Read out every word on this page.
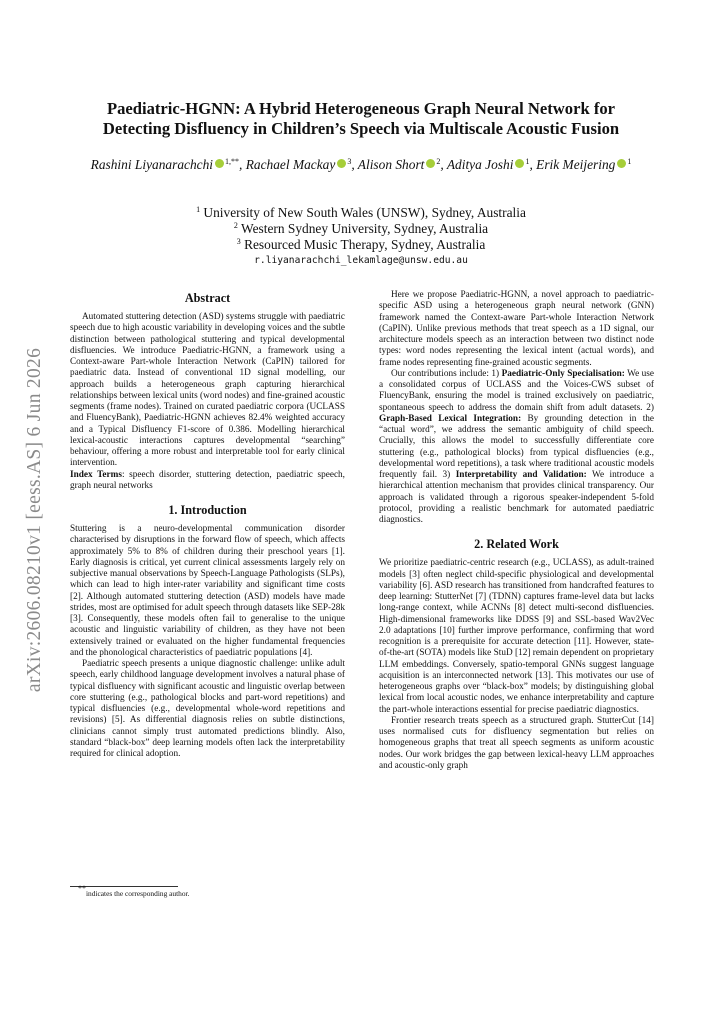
arXiv:2606.08210v1 [eess.AS] 6 Jun 2026
Paediatric-HGNN: A Hybrid Heterogeneous Graph Neural Network for
Detecting Disfluency in Children’s Speech via Multiscale Acoustic Fusion
Rashini Liyanarachchi $^{1,**}$, Rachael Mackay $^3$, Alison Short $^2$, Aditya Joshi $^1$, Erik Meijering $^1$
$^1$ University of New South Wales (UNSW), Sydney, Australia
$^2$ Western Sydney University, Sydney, Australia
$^3$ Resourced Music Therapy, Sydney, Australia
r.liyanarachchi_lekamlage@unsw.edu.au
Abstract

Automated stuttering detection (ASD) systems struggle with paediatric speech due to high acoustic variability in developing voices and the subtle distinction between pathological stuttering and typical developmental disfluencies. We introduce Paediatric-HGNN, a framework using a Context-aware Part-whole Interaction Network (CaPIN) tailored for paediatric data. Instead of conventional 1D signal modelling, our approach builds a heterogeneous graph capturing hierarchical relationships between lexical units (word nodes) and fine-grained acoustic segments (frame nodes). Trained on curated paediatric corpora (UCLASS and FluencyBank), Paediatric-HGNN achieves 82.4% weighted accuracy and a Typical Disfluency F1-score of 0.386. Modelling hierarchical lexical-acoustic interactions captures developmental “searching” behaviour, offering a more robust and interpretable tool for early clinical intervention.

Index Terms: speech disorder, stuttering detection, paediatric speech, graph neural networks

1. Introduction

Stuttering is a neuro-developmental communication disorder characterised by disruptions in the forward flow of speech, which affects approximately 5% to 8% of children during their preschool years [1]. Early diagnosis is critical, yet current clinical assessments largely rely on subjective manual observations by Speech-Language Pathologists (SLPs), which can lead to high inter-rater variability and significant time costs [2]. Although automated stuttering detection (ASD) models have made strides, most are optimised for adult speech through datasets like SEP-28k [3]. Consequently, these models often fail to generalise to the unique acoustic and linguistic variability of children, as they have not been extensively trained or evaluated on the higher fundamental frequencies and the phonological characteristics of paediatric populations [4].

Paediatric speech presents a unique diagnostic challenge: unlike adult speech, early childhood language development involves a natural phase of typical disfluency with significant acoustic and linguistic overlap between core stuttering (e.g., pathological blocks and part-word repetitions) and typical disfluencies (e.g., developmental whole-word repetitions and revisions) [5]. As differential diagnosis relies on subtle distinctions, clinicians cannot simply trust automated predictions blindly. Also, standard “black-box” deep learning models often lack the interpretability required for clinical adoption.

**indicates the corresponding author.

Here we propose Paediatric-HGNN, a novel approach to paediatric-specific ASD using a heterogeneous graph neural network (GNN) framework named the Context-aware Part-whole Interaction Network (CaPIN). Unlike previous methods that treat speech as a 1D signal, our architecture models speech as an interaction between two distinct node types: word nodes representing the lexical intent (actual words), and frame nodes representing fine-grained acoustic segments.

Our contributions include: 1) Paediatric-Only Specialisation: We use a consolidated corpus of UCLASS and the Voices-CWS subset of FluencyBank, ensuring the model is trained exclusively on paediatric, spontaneous speech to address the domain shift from adult datasets. 2) Graph-Based Lexical Integration: By grounding detection in the “actual word”, we address the semantic ambiguity of child speech. Crucially, this allows the model to successfully differentiate core stuttering (e.g., pathological blocks) from typical disfluencies (e.g., developmental word repetitions), a task where traditional acoustic models frequently fail. 3) Interpretability and Validation: We introduce a hierarchical attention mechanism that provides clinical transparency. Our approach is validated through a rigorous speaker-independent 5-fold protocol, providing a realistic benchmark for automated paediatric diagnostics.

2. Related Work

We prioritize paediatric-centric research (e.g., UCLASS), as adult-trained models [3] often neglect child-specific physiological and developmental variability [6]. ASD research has transitioned from handcrafted features to deep learning: StutterNet [7] (TDNN) captures frame-level data but lacks long-range context, while ACNNs [8] detect multi-second disfluencies. High-dimensional frameworks like DDSS [9] and SSL-based Wav2Vec 2.0 adaptations [10] further improve performance, confirming that word recognition is a prerequisite for accurate detection [11]. However, state-of-the-art (SOTA) models like StuD [12] remain dependent on proprietary LLM embeddings. Conversely, spatio-temporal GNNs suggest language acquisition is an interconnected network [13]. This motivates our use of heterogeneous graphs over “black-box” models; by distinguishing global lexical from local acoustic nodes, we enhance interpretability and capture the part-whole interactions essential for precise paediatric diagnostics.

Frontier research treats speech as a structured graph. StutterCut [14] uses normalised cuts for disfluency segmentation but relies on homogeneous graphs that treat all speech segments as uniform acoustic nodes. Our work bridges the gap between lexical-heavy LLM approaches and acoustic-only graph
